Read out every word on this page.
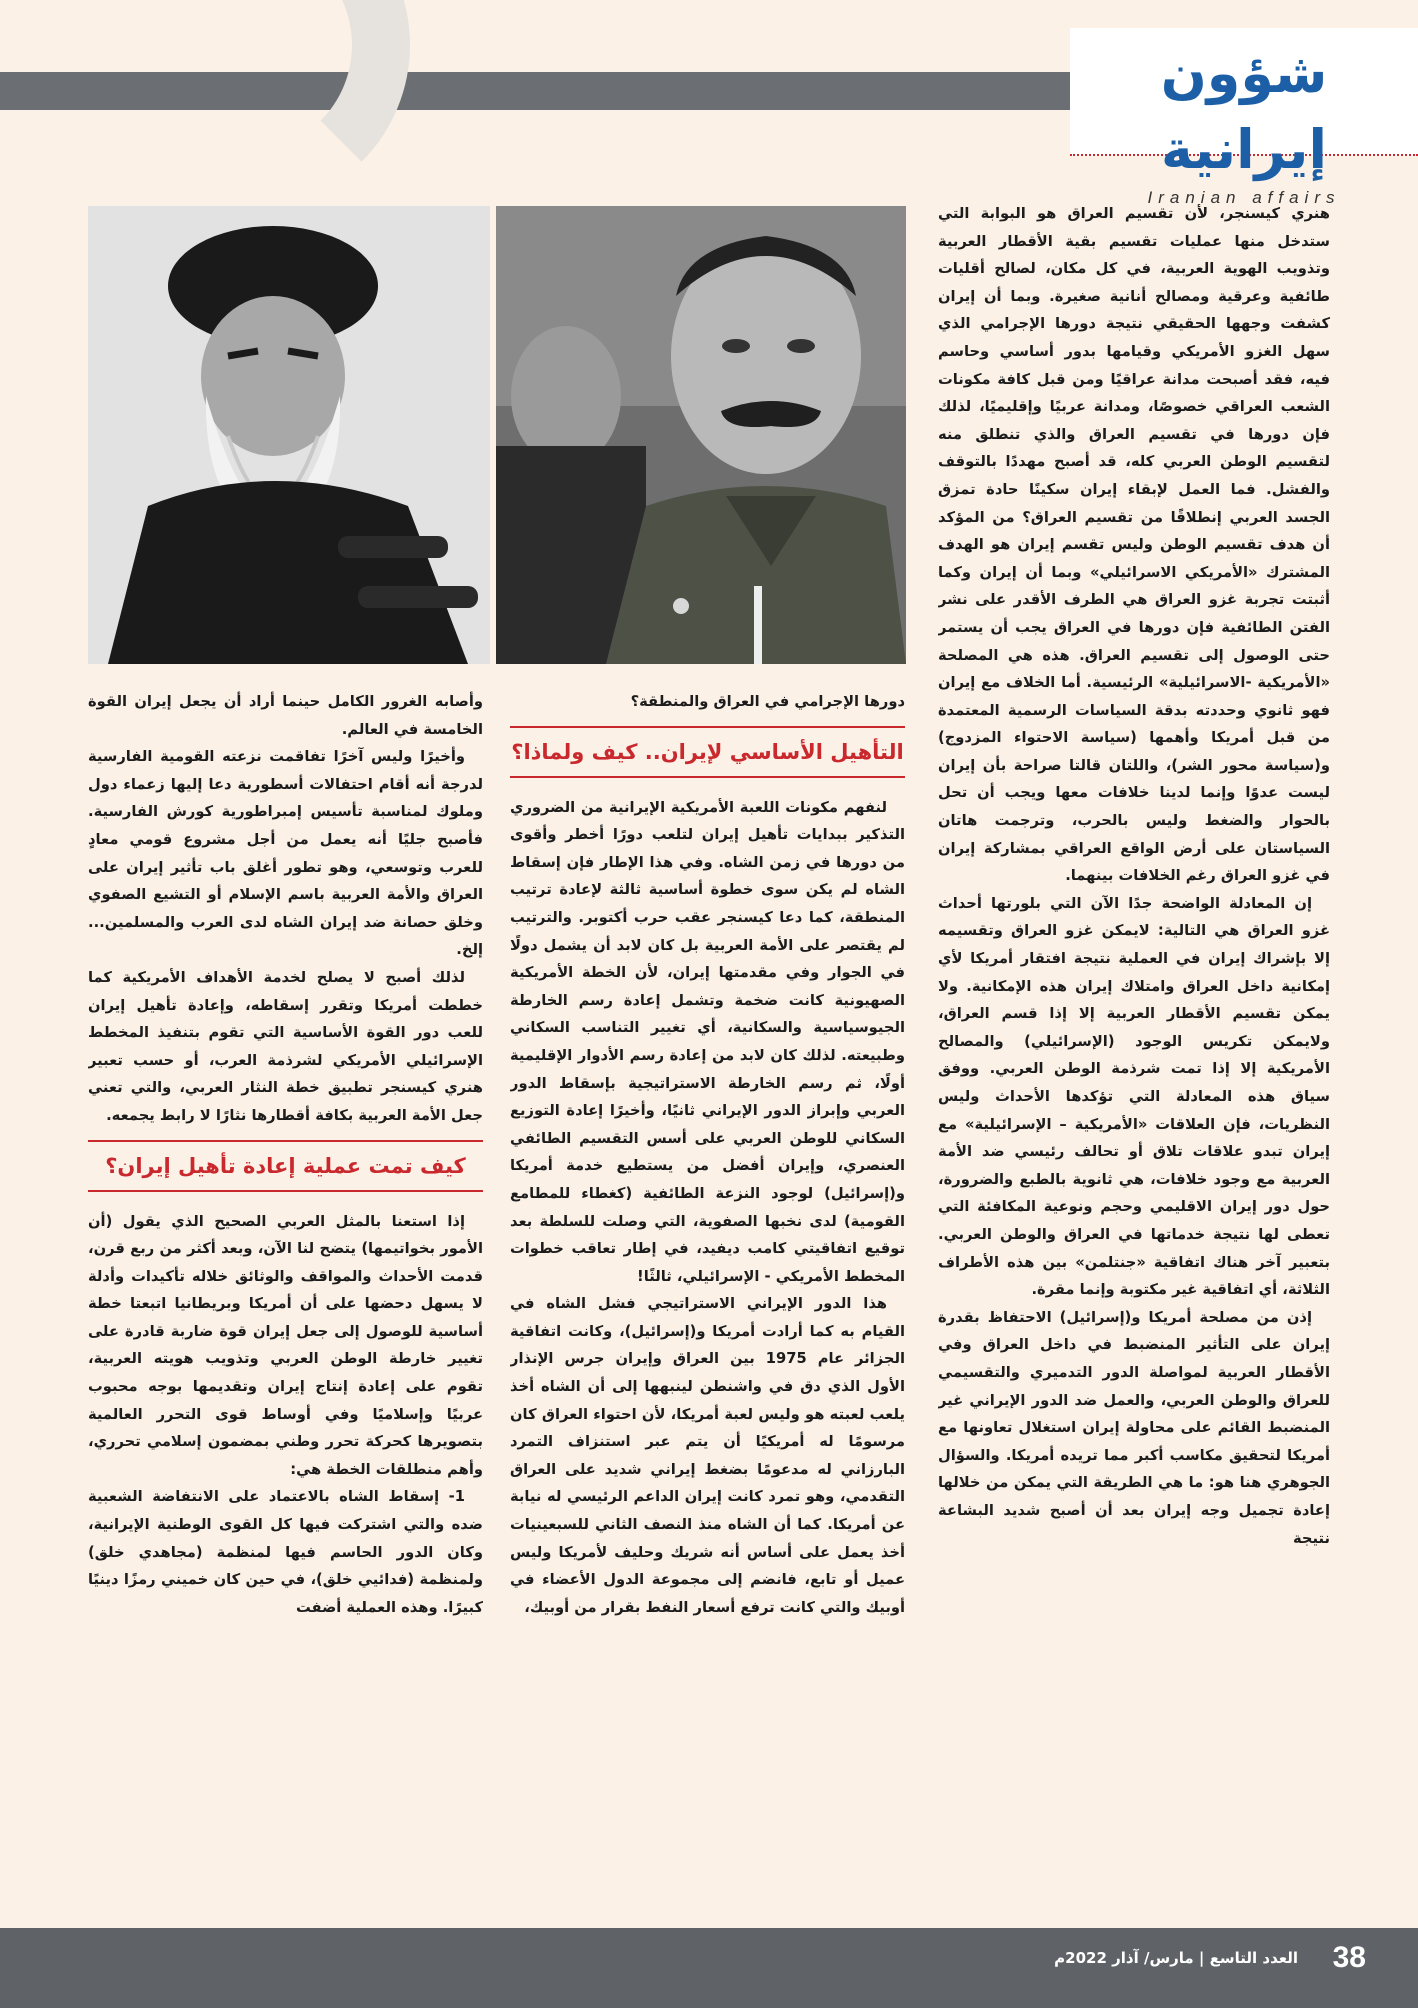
شؤون إيرانية
Iranian affairs

هنري كيسنجر، لأن تقسيم العراق هو البوابة التي ستدخل منها عمليات تقسيم بقية الأقطار العربية وتذويب الهوية العربية، في كل مكان، لصالح أقليات طائفية وعرقية ومصالح أنانية صغيرة. وبما أن إيران كشفت وجهها الحقيقي نتيجة دورها الإجرامي الذي سهل الغزو الأمريكي وقيامها بدور أساسي وحاسم فيه، فقد أصبحت مدانة عراقيًا ومن قبل كافة مكونات الشعب العراقي خصوصًا، ومدانة عربيًا وإقليميًا، لذلك فإن دورها في تقسيم العراق والذي تنطلق منه لتقسيم الوطن العربي كله، قد أصبح مهددًا بالتوقف والفشل. فما العمل لإبقاء إيران سكينًا حادة تمزق الجسد العربي إنطلاقًا من تقسيم العراق؟ من المؤكد أن هدف تقسيم الوطن وليس تقسم إيران هو الهدف المشترك «الأمريكي الاسرائيلي» وبما أن إيران وكما أثبتت تجربة غزو العراق هي الطرف الأقدر على نشر الفتن الطائفية فإن دورها في العراق يجب أن يستمر حتى الوصول إلى تقسيم العراق. هذه هي المصلحة «الأمريكية -الاسرائيلية» الرئيسية. أما الخلاف مع إيران فهو ثانوي وحددته بدقة السياسات الرسمية المعتمدة من قبل أمريكا وأهمها (سياسة الاحتواء المزدوج) و(سياسة محور الشر)، واللتان قالتا صراحة بأن إيران ليست عدوًا وإنما لدينا خلافات معها ويجب أن تحل بالحوار والضغط وليس بالحرب، وترجمت هاتان السياستان على أرض الواقع العراقي بمشاركة إيران في غزو العراق رغم الخلافات بينهما.

إن المعادلة الواضحة جدًا الآن التي بلورتها أحداث غزو العراق هي التالية: لايمكن غزو العراق وتقسيمه إلا بإشراك إيران في العملية نتيجة افتقار أمريكا لأي إمكانية داخل العراق وامتلاك إيران هذه الإمكانية. ولا يمكن تقسيم الأقطار العربية إلا إذا قسم العراق، ولايمكن تكريس الوجود (الإسرائيلي) والمصالح الأمريكية إلا إذا تمت شرذمة الوطن العربي. ووفق سياق هذه المعادلة التي تؤكدها الأحداث وليس النظريات، فإن العلاقات «الأمريكية – الإسرائيلية» مع إيران تبدو علاقات تلاق أو تحالف رئيسي ضد الأمة العربية مع وجود خلافات، هي ثانوية بالطبع والضرورة، حول دور إيران الاقليمي وحجم ونوعية المكافئة التي تعطى لها نتيجة خدماتها في العراق والوطن العربي. بتعبير آخر هناك اتفاقية «جنتلمن» بين هذه الأطراف الثلاثة، أي اتفاقية غير مكتوبة وإنما مقرة.

إذن من مصلحة أمريكا و(إسرائيل) الاحتفاظ بقدرة إيران على التأثير المنضبط في داخل العراق وفي الأقطار العربية لمواصلة الدور التدميري والتقسيمي للعراق والوطن العربي، والعمل ضد الدور الإيراني غير المنضبط القائم على محاولة إيران استغلال تعاونها مع أمريكا لتحقيق مكاسب أكبر مما تريده أمريكا. والسؤال الجوهري هنا هو: ما هي الطريقة التي يمكن من خلالها إعادة تجميل وجه إيران بعد أن أصبح شديد البشاعة نتيجة

دورها الإجرامي في العراق والمنطقة؟

التأهيل الأساسي لإيران.. كيف ولماذا؟

لنفهم مكونات اللعبة الأمريكية الإيرانية من الضروري التذكير ببدايات تأهيل إيران لتلعب دورًا أخطر وأقوى من دورها في زمن الشاه. وفي هذا الإطار فإن إسقاط الشاه لم يكن سوى خطوة أساسية ثالثة لإعادة ترتيب المنطقة، كما دعا كيسنجر عقب حرب أكتوبر. والترتيب لم يقتصر على الأمة العربية بل كان لابد أن يشمل دولًا في الجوار وفي مقدمتها إيران، لأن الخطة الأمريكية الصهيونية كانت ضخمة وتشمل إعادة رسم الخارطة الجيوسياسية والسكانية، أي تغيير التناسب السكاني وطبيعته. لذلك كان لابد من إعادة رسم الأدوار الإقليمية أولًا، ثم رسم الخارطة الاستراتيجية بإسقاط الدور العربي وإبراز الدور الإيراني ثانيًا، وأخيرًا إعادة التوزيع السكاني للوطن العربي على أسس التقسيم الطائفي العنصري، وإيران أفضل من يستطيع خدمة أمريكا و(إسرائيل) لوجود النزعة الطائفية (كغطاء للمطامع القومية) لدى نخبها الصفوية، التي وصلت للسلطة بعد توقيع اتفاقيتي كامب ديفيد، في إطار تعاقب خطوات المخطط الأمريكي - الإسرائيلي، ثالثًا!

هذا الدور الإيراني الاستراتيجي فشل الشاه في القيام به كما أرادت أمريكا و(إسرائيل)، وكانت اتفاقية الجزائر عام 1975 بين العراق وإيران جرس الإنذار الأول الذي دق في واشنطن لينبهها إلى أن الشاه أخذ يلعب لعبته هو وليس لعبة أمريكا، لأن احتواء العراق كان مرسومًا له أمريكيًا أن يتم عبر استنزاف التمرد البارزاني له مدعومًا بضغط إيراني شديد على العراق التقدمي، وهو تمرد كانت إيران الداعم الرئيسي له نيابة عن أمريكا. كما أن الشاه منذ النصف الثاني للسبعينيات أخذ يعمل على أساس أنه شريك وحليف لأمريكا وليس عميل أو تابع، فانضم إلى مجموعة الدول الأعضاء في أوبيك والتي كانت ترفع أسعار النفط بقرار من أوبيك،

وأصابه الغرور الكامل حينما أراد أن يجعل إيران القوة الخامسة في العالم.

وأخيرًا وليس آخرًا تفاقمت نزعته القومية الفارسية لدرجة أنه أقام احتفالات أسطورية دعا إليها زعماء دول وملوك لمناسبة تأسيس إمبراطورية كورش الفارسية. فأصبح جليًا أنه يعمل من أجل مشروع قومي معادٍ للعرب وتوسعي، وهو تطور أغلق باب تأثير إيران على العراق والأمة العربية باسم الإسلام أو التشيع الصفوي وخلق حصانة ضد إيران الشاه لدى العرب والمسلمين... إلخ.

لذلك أصبح لا يصلح لخدمة الأهداف الأمريكية كما خططت أمريكا وتقرر إسقاطه، وإعادة تأهيل إيران للعب دور القوة الأساسية التي تقوم بتنفيذ المخطط الإسرائيلي الأمريكي لشرذمة العرب، أو حسب تعبير هنري كيسنجر تطبيق خطة النثار العربي، والتي تعني جعل الأمة العربية بكافة أقطارها نثارًا لا رابط يجمعه.

كيف تمت عملية إعادة تأهيل إيران؟

إذا استعنا بالمثل العربي الصحيح الذي يقول (أن الأمور بخواتيمها) يتضح لنا الآن، وبعد أكثر من ربع قرن، قدمت الأحداث والمواقف والوثائق خلاله تأكيدات وأدلة لا يسهل دحضها على أن أمريكا وبريطانيا اتبعتا خطة أساسية للوصول إلى جعل إيران قوة ضاربة قادرة على تغيير خارطة الوطن العربي وتذويب هويته العربية، تقوم على إعادة إنتاج إيران وتقديمها بوجه محبوب عربيًا وإسلاميًا وفي أوساط قوى التحرر العالمية بتصويرها كحركة تحرر وطني بمضمون إسلامي تحرري، وأهم منطلقات الخطة هي:

1- إسقاط الشاه بالاعتماد على الانتفاضة الشعبية ضده والتي اشتركت فيها كل القوى الوطنية الإيرانية، وكان الدور الحاسم فيها لمنظمة (مجاهدي خلق) ولمنظمة (فدائيي خلق)، في حين كان خميني رمزًا دينيًا كبيرًا. وهذه العملية أضفت

العدد التاسع | مارس/ آذار 2022م 38
